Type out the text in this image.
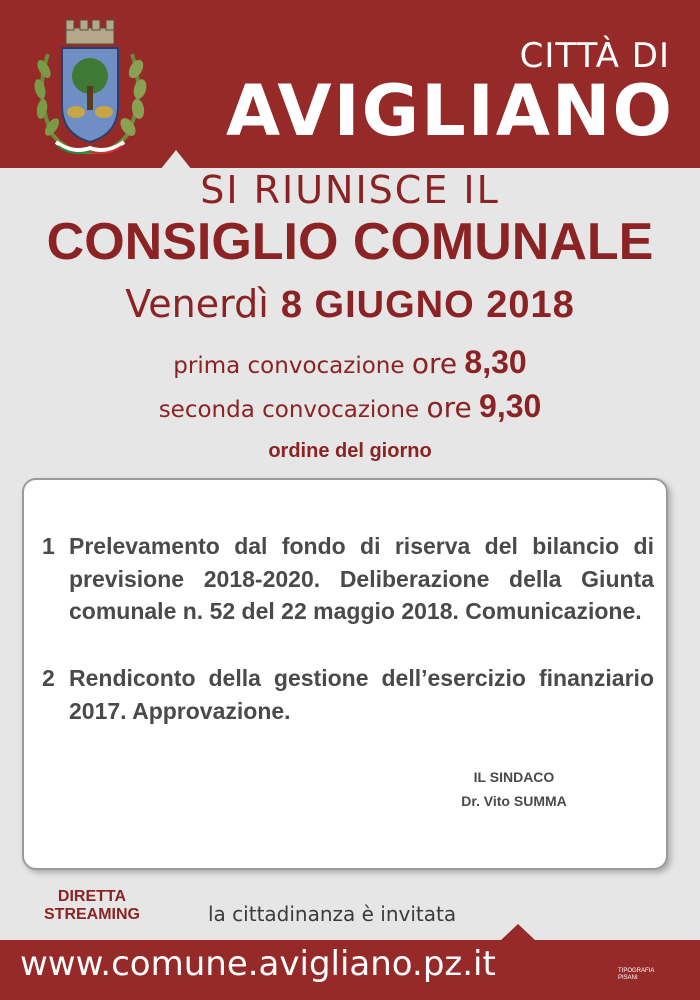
CITTÀ DI
AVIGLIANO
SI RIUNISCE IL
CONSIGLIO COMUNALE
Venerdì 8 GIUGNO 2018
prima convocazione ore 8,30
seconda convocazione ore 9,30
ordine del giorno
1 Prelevamento dal fondo di riserva del bilancio di previsione 2018-2020. Deliberazione della Giunta comunale n. 52 del 22 maggio 2018. Comunicazione.
2 Rendiconto della gestione dell’esercizio finanziario 2017. Approvazione.
IL SINDACO
Dr. Vito SUMMA
DIRETTA
STREAMING	la cittadinanza è invitata
www.comune.avigliano.pz.it	TIPOGRAFIA
PISANI
